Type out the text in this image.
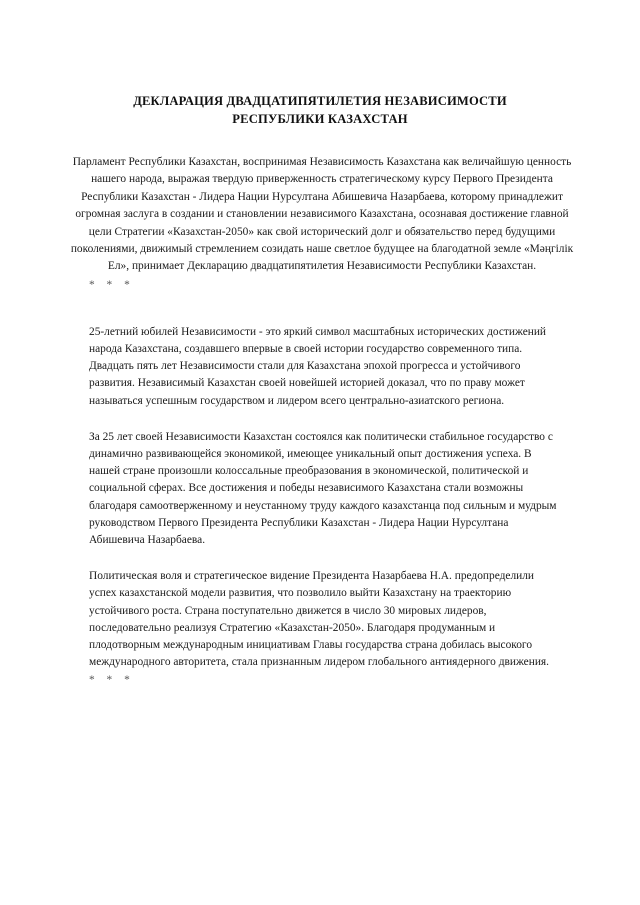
ДЕКЛАРАЦИЯ ДВАДЦАТИПЯТИЛЕТИЯ НЕЗАВИСИМОСТИ
РЕСПУБЛИКИ КАЗАХСТАН

Парламент Республики Казахстан, воспринимая Независимость Казахстана как величайшую ценность нашего народа, выражая твердую приверженность стратегическому курсу Первого Президента Республики Казахстан - Лидера Нации Нурсултана Абишевича Назарбаева, которому принадлежит огромная заслуга в создании и становлении независимого Казахстана, осознавая достижение главной цели Стратегии «Казахстан-2050» как свой исторический долг и обязательство перед будущими поколениями, движимый стремлением созидать наше светлое будущее на благодатной земле «Мәңгілік Ел», принимает Декларацию двадцатипятилетия Независимости Республики Казахстан.

* * *

25-летний юбилей Независимости - это яркий символ масштабных исторических достижений народа Казахстана, создавшего впервые в своей истории государство современного типа. Двадцать пять лет Независимости стали для Казахстана эпохой прогресса и устойчивого развития. Независимый Казахстан своей новейшей историей доказал, что по праву может называться успешным государством и лидером всего центрально-азиатского региона.

За 25 лет своей Независимости Казахстан состоялся как политически стабильное государство с динамично развивающейся экономикой, имеющее уникальный опыт достижения успеха. В нашей стране произошли колоссальные преобразования в экономической, политической и социальной сферах. Все достижения и победы независимого Казахстана стали возможны благодаря самоотверженному и неустанному труду каждого казахстанца под сильным и мудрым руководством Первого Президента Республики Казахстан - Лидера Нации Нурсултана Абишевича Назарбаева.

Политическая воля и стратегическое видение Президента Назарбаева Н.А. предопределили успех казахстанской модели развития, что позволило выйти Казахстану на траекторию устойчивого роста. Страна поступательно движется в число 30 мировых лидеров, последовательно реализуя Стратегию «Казахстан-2050». Благодаря продуманным и плодотворным международным инициативам Главы государства страна добилась высокого международного авторитета, стала признанным лидером глобального антиядерного движения.

* * *
